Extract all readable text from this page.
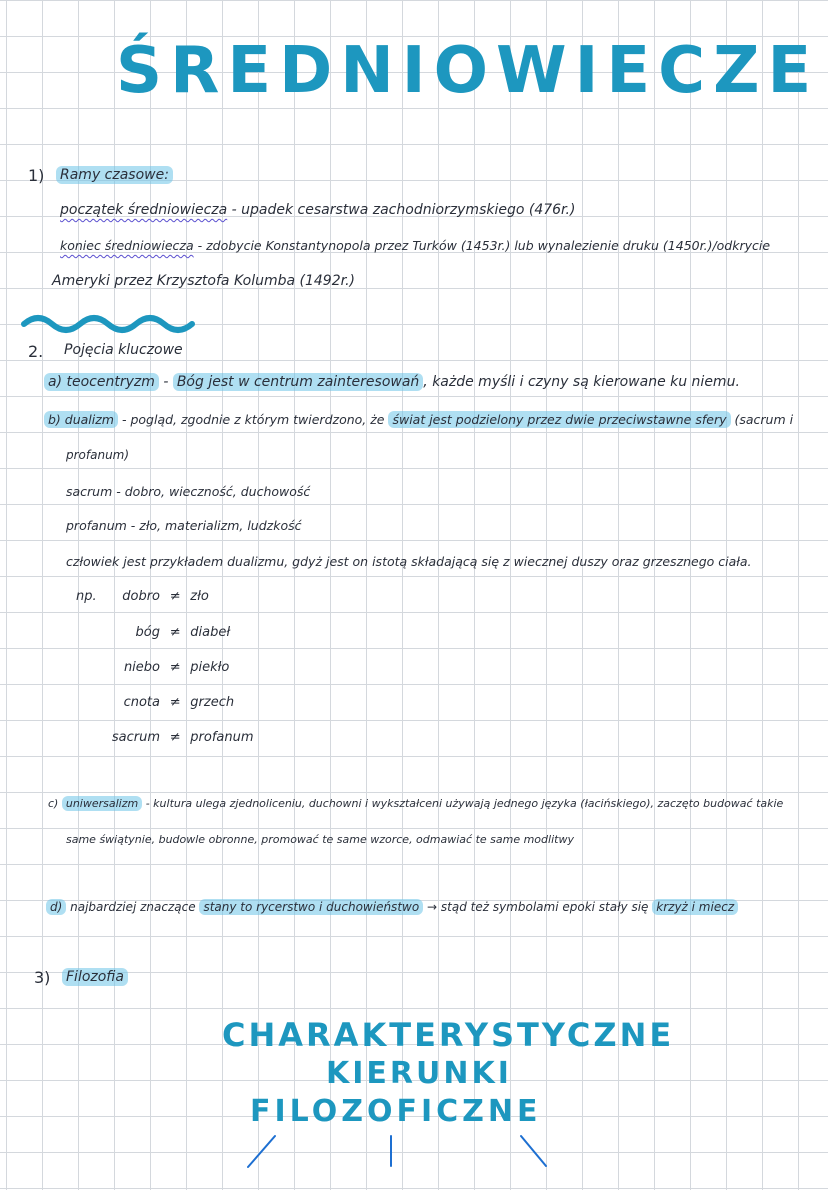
ŚREDNIOWIECZE
1) Ramy czasowe:
początek średniowiecza - upadek cesarstwa zachodniorzymskiego (476r.)
koniec średniowiecza - zdobycie Konstantynopola przez Turków (1453r.) lub wynalezienie druku (1450r.)/odkrycie
Ameryki przez Krzysztofa Kolumba (1492r.)
2. Pojęcia kluczowe
a) teocentryzm - Bóg jest w centrum zainteresowań , każde myśli i czyny są kierowane ku niemu.
b) dualizm - pogląd, zgodnie z którym twierdzono, że świat jest podzielony przez dwie przeciwstawne sfery (sacrum i
profanum)
sacrum - dobro, wieczność, duchowość
profanum - zło, materializm, ludzkość
człowiek jest przykładem dualizmu, gdyż jest on istotą składającą się z wiecznej duszy oraz grzesznego ciała.
np.	dobro ≠ zło
bóg ≠ diabeł
niebo ≠ piekło
cnota ≠ grzech
sacrum ≠ profanum
c) uniwersalizm - kultura ulega zjednoliceniu, duchowni i wykształceni używają jednego języka (łacińskiego), zaczęto budować takie
same świątynie, budowle obronne, promować te same wzorce, odmawiać te same modlitwy
d) najbardziej znaczące stany to rycerstwo i duchowieństwo → stąd też symbolami epoki stały się krzyż i miecz
3) Filozofia
CHARAKTERYSTYCZNE
KIERUNKI
FILOZOFICZNE
